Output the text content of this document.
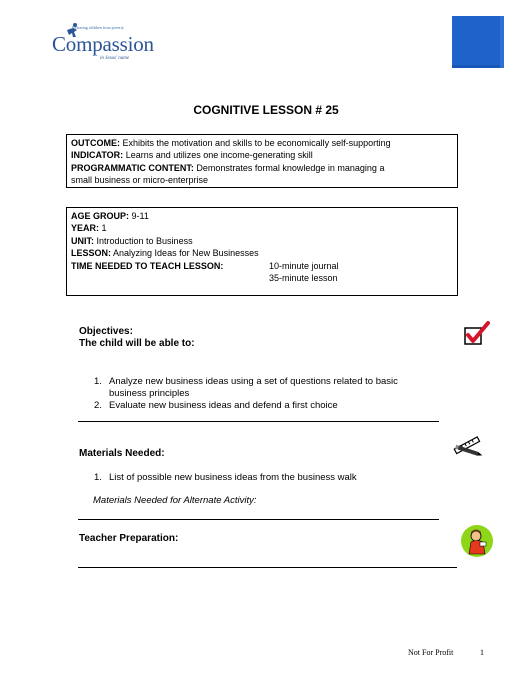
Releasing children from poverty
Compassion
in Jesus' name
COGNITIVE LESSON # 25
OUTCOME: Exhibits the motivation and skills to be economically self-supporting
INDICATOR: Learns and utilizes one income-generating skill
PROGRAMMATIC CONTENT: Demonstrates formal knowledge in managing a
small business or micro-enterprise
AGE GROUP: 9-11
YEAR: 1
UNIT: Introduction to Business
LESSON: Analyzing Ideas for New Businesses
TIME NEEDED TO TEACH LESSON:	10-minute journal

35-minute lesson
Objectives:
The child will be able to:
1. Analyze new business ideas using a set of questions related to basic
business principles
2. Evaluate new business ideas and defend a first choice
Materials Needed:
1. List of possible new business ideas from the business walk
Materials Needed for Alternate Activity:
Teacher Preparation:
Not For Profit	1
